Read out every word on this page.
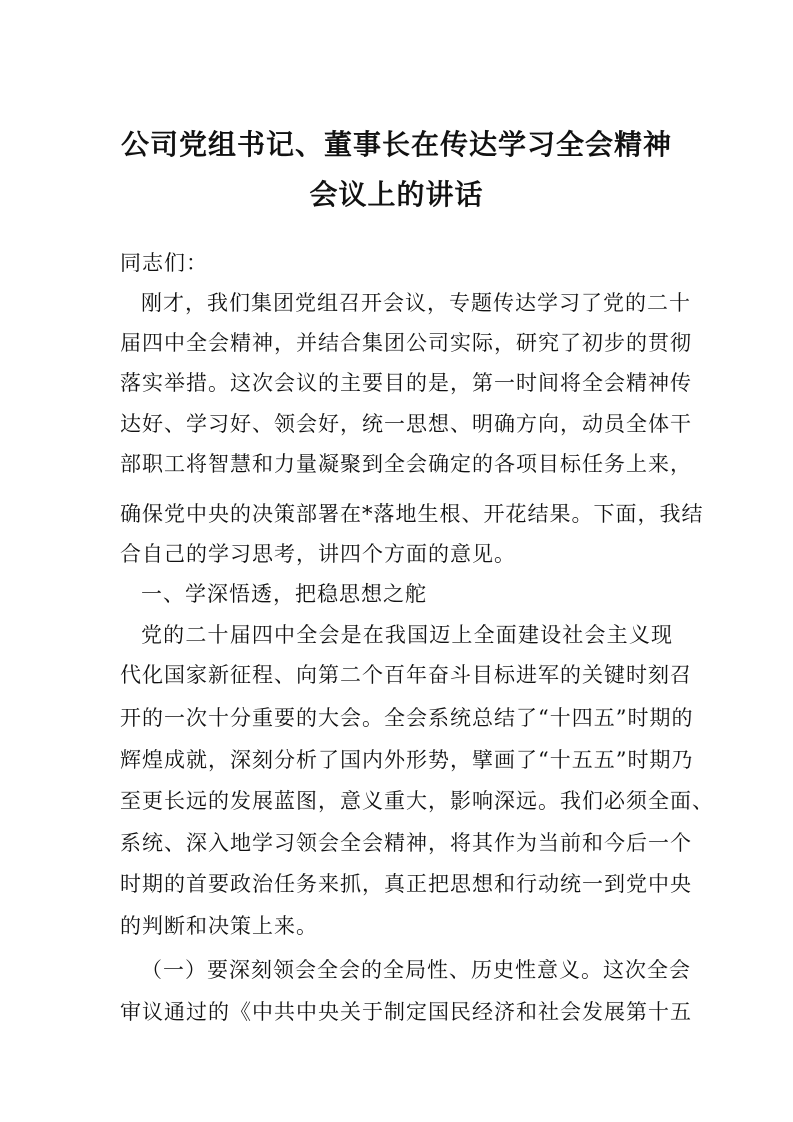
公司党组书记、董事长在传达学习全会精神
会议上的讲话
同志们：
刚才，我们集团党组召开会议，专题传达学习了党的二十
届四中全会精神，并结合集团公司实际，研究了初步的贯彻
落实举措。这次会议的主要目的是，第一时间将全会精神传
达好、学习好、领会好，统一思想、明确方向，动员全体干
部职工将智慧和力量凝聚到全会确定的各项目标任务上来，
确保党中央的决策部署在*落地生根、开花结果。下面，我结
合自己的学习思考，讲四个方面的意见。
一、学深悟透，把稳思想之舵
党的二十届四中全会是在我国迈上全面建设社会主义现
代化国家新征程、向第二个百年奋斗目标进军的关键时刻召
开的一次十分重要的大会。全会系统总结了“十四五”时期的
辉煌成就，深刻分析了国内外形势，擘画了“十五五”时期乃
至更长远的发展蓝图，意义重大，影响深远。我们必须全面、
系统、深入地学习领会全会精神，将其作为当前和今后一个
时期的首要政治任务来抓，真正把思想和行动统一到党中央
的判断和决策上来。
（一）要深刻领会全会的全局性、历史性意义。这次全会
审议通过的《中共中央关于制定国民经济和社会发展第十五
